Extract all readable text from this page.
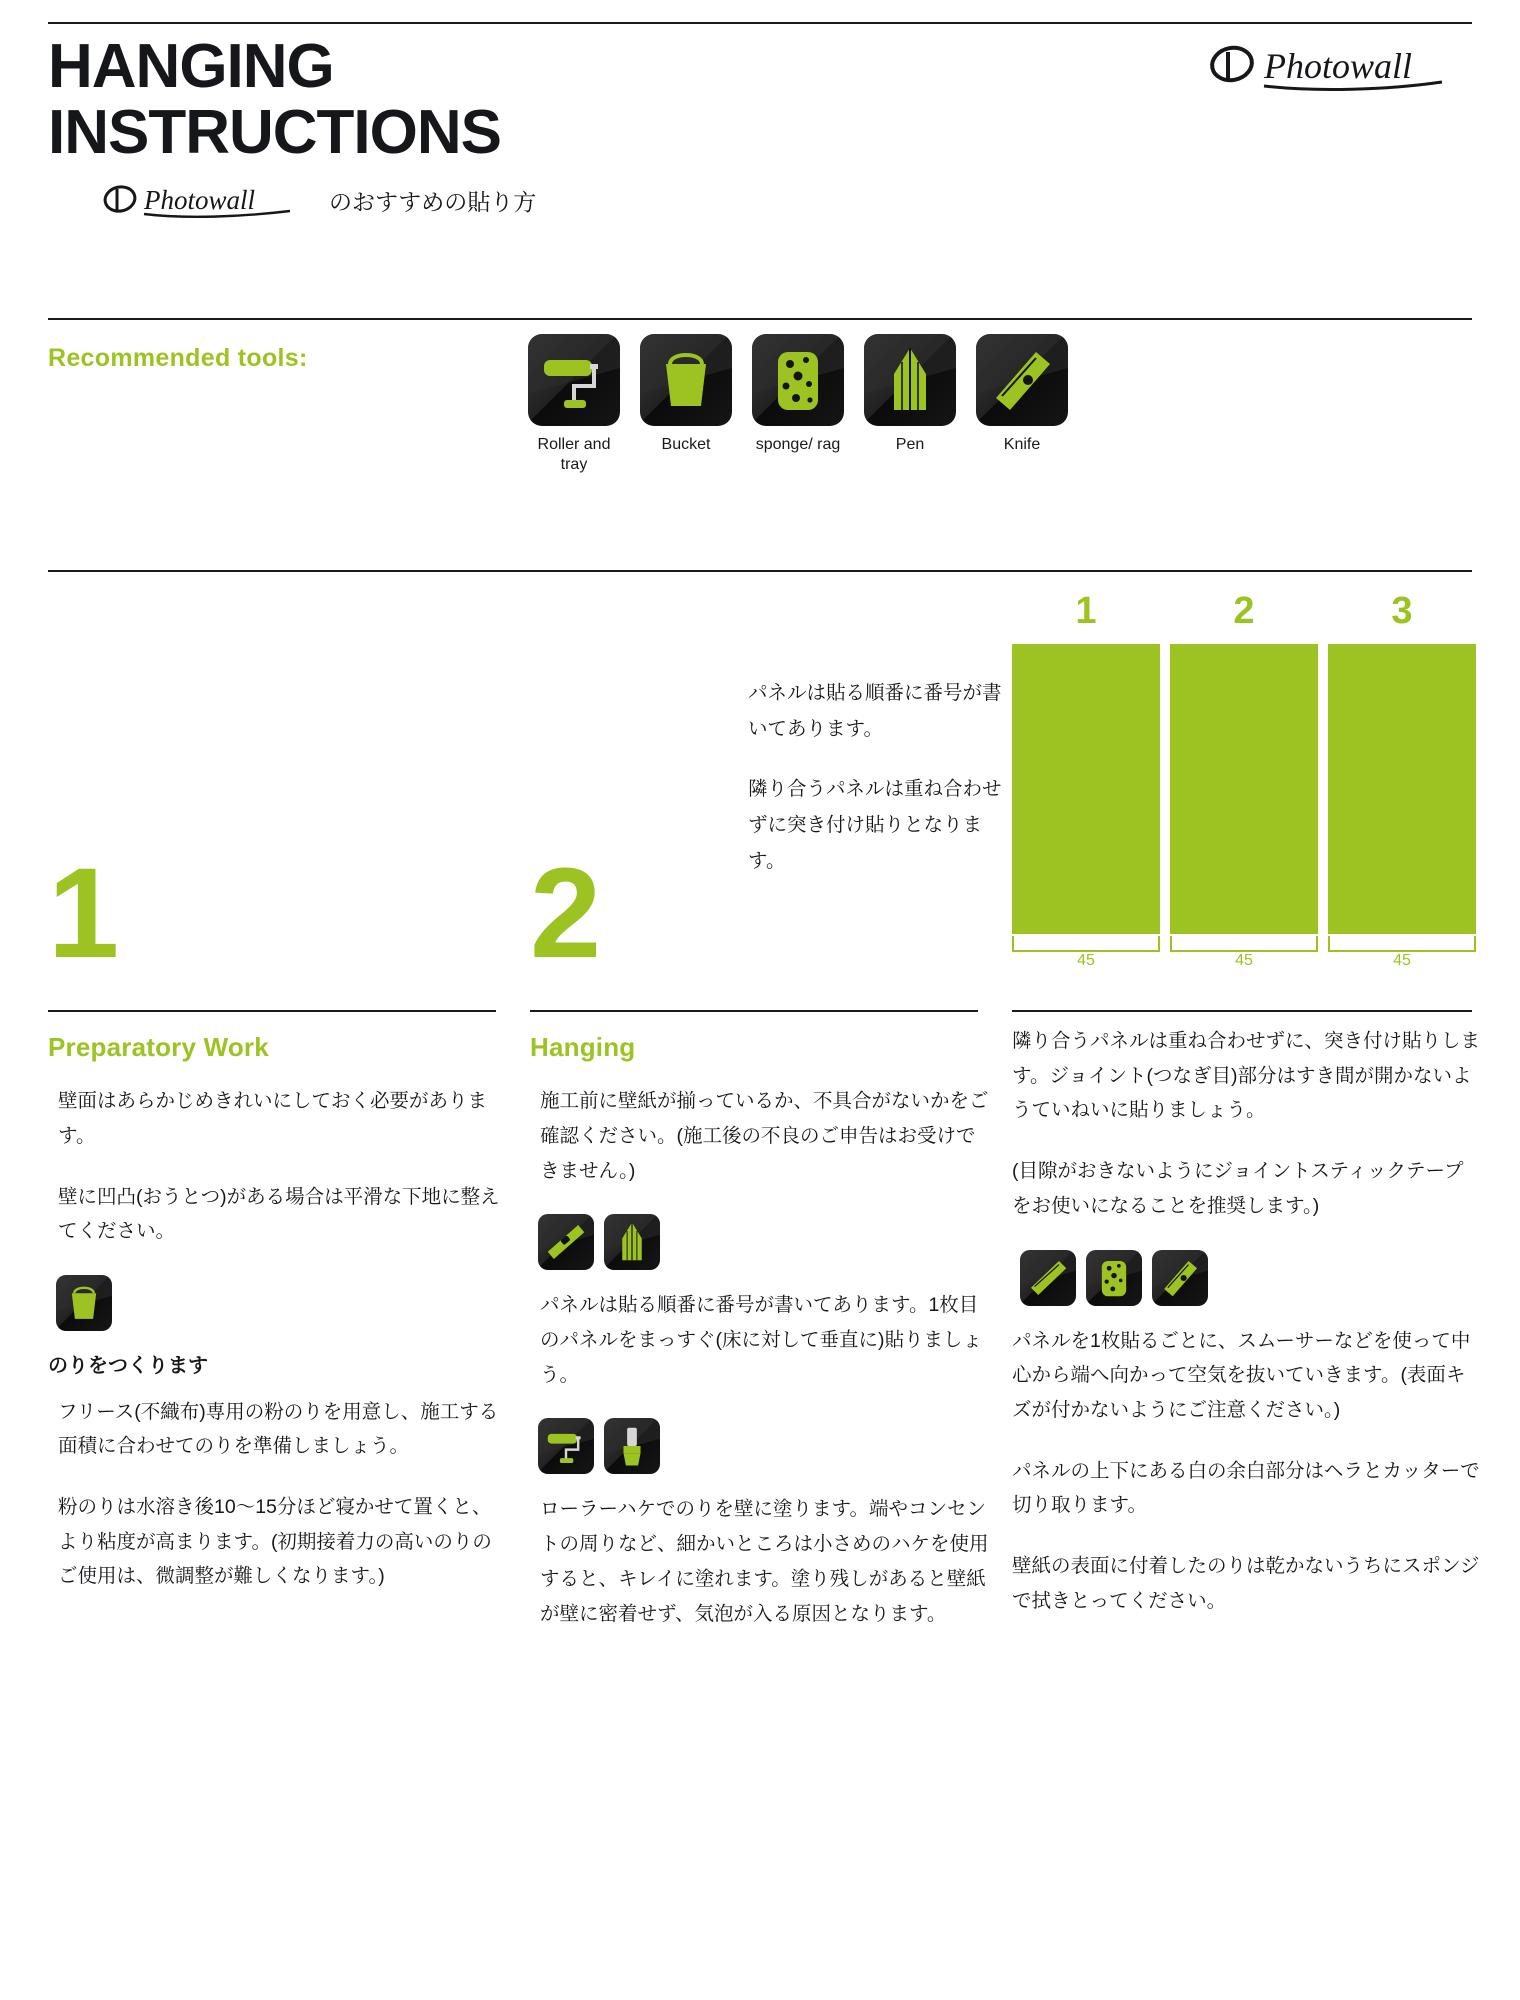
HANGING
INSTRUCTIONS
Photowall
Photowall	のおすすめの貼り方
Recommended tools:
Roller and tray
Bucket	sponge/ rag	Pen	Knife
1	2

パネルは貼る順番に番号が書いてあります。

隣り合うパネルは重ね合わせずに突き付け貼りとなります。

1	2	3
45	45	45
Preparatory Work
壁面はあらかじめきれいにしておく必要があります。
壁に凹凸(おうとつ)がある場合は平滑な下地に整えてください。
のりをつくります
フリース(不織布)専用の粉のりを用意し、施工する面積に合わせてのりを準備しましょう。
粉のりは水溶き後10〜15分ほど寝かせて置くと、より粘度が高まります。(初期接着力の高いのりのご使用は、微調整が難しくなります。)
Hanging
施工前に壁紙が揃っているか、不具合がないかをご確認ください。(施工後の不良のご申告はお受けできません。)
パネルは貼る順番に番号が書いてあります。1枚目のパネルをまっすぐ(床に対して垂直に)貼りましょう。
ローラーハケでのりを壁に塗ります。端やコンセントの周りなど、細かいところは小さめのハケを使用すると、キレイに塗れます。塗り残しがあると壁紙が壁に密着せず、気泡が入る原因となります。
隣り合うパネルは重ね合わせずに、突き付け貼りします。ジョイント(つなぎ目)部分はすき間が開かないようていねいに貼りましょう。
(目隙がおきないようにジョイントスティックテープをお使いになることを推奨します。)
パネルを1枚貼るごとに、スムーサーなどを使って中心から端へ向かって空気を抜いていきます。(表面キズが付かないようにご注意ください。)
パネルの上下にある白の余白部分はヘラとカッターで切り取ります。
壁紙の表面に付着したのりは乾かないうちにスポンジで拭きとってください。
